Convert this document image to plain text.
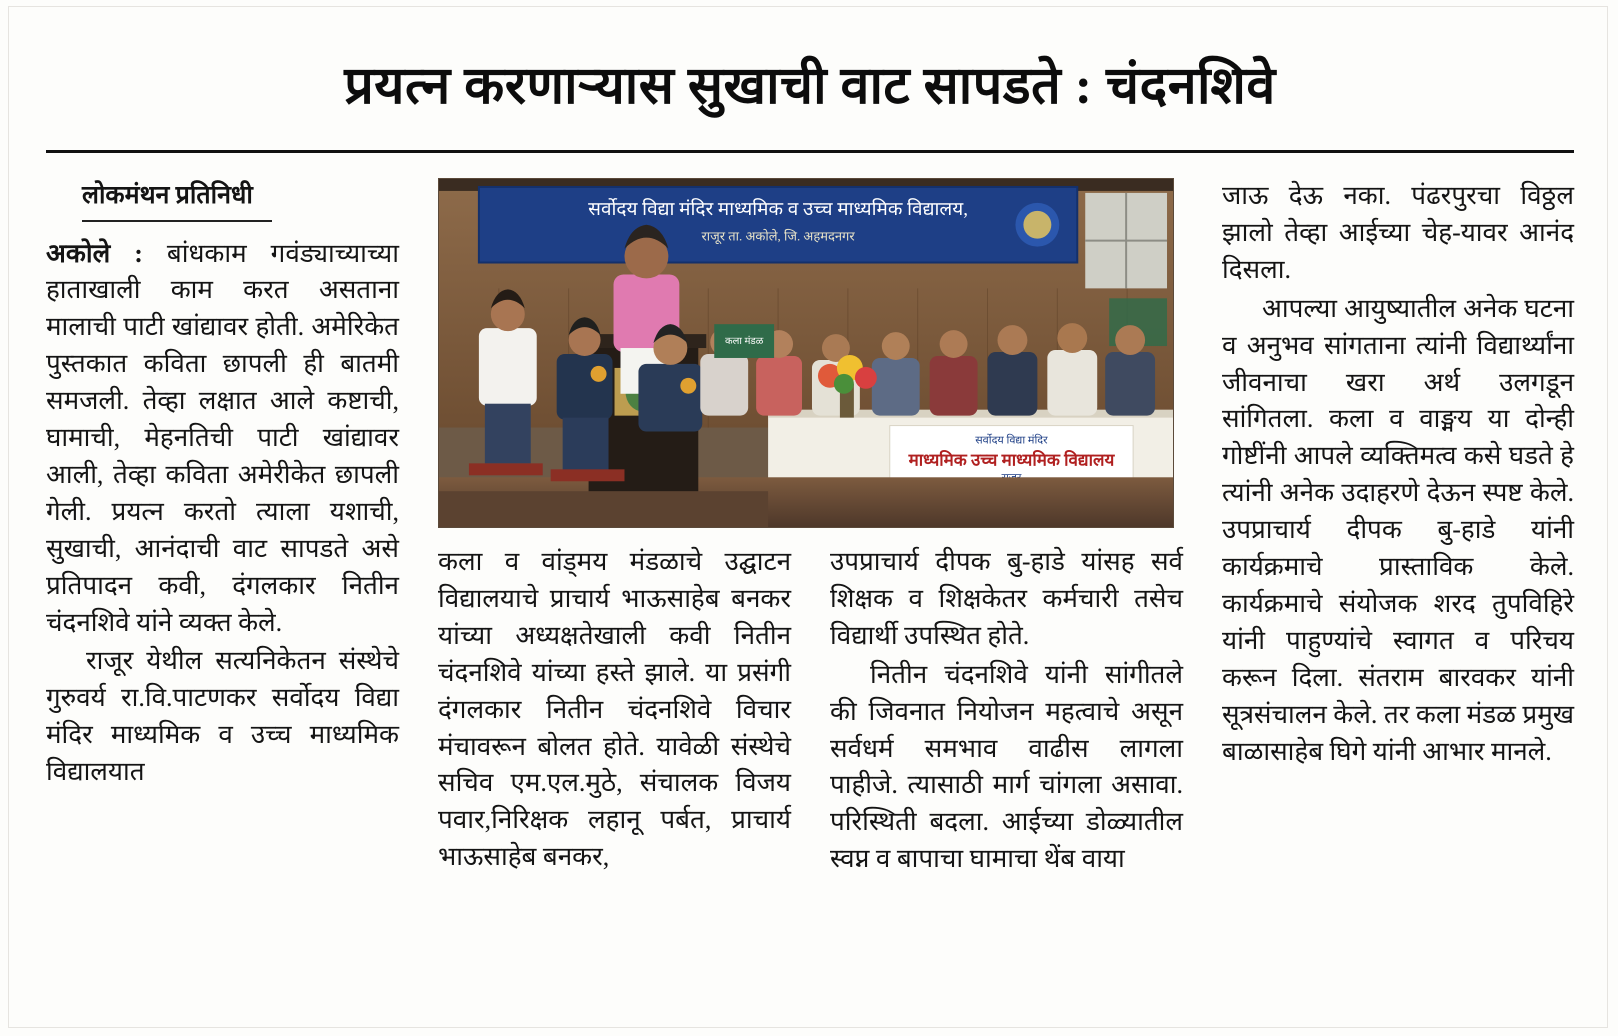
प्रयत्न करणाऱ्यास सुखाची वाट सापडते : चंदनशिवे
लोकमंथन प्रतिनिधी

अकोले : बांधकाम गवंड्याच्याच्या हाताखाली काम करत असताना मालाची पाटी खांद्यावर होती. अमेरिकेत पुस्तकात कविता छापली ही बातमी समजली. तेव्हा लक्षात आले कष्टाची, घामाची, मेहनतिची पाटी खांद्यावर आली, तेव्हा कविता अमेरीकेत छापली गेली. प्रयत्न करतो त्याला यशाची, सुखाची, आनंदाची वाट सापडते असे प्रतिपादन कवी, दंगलकार नितीन चंदनशिवे यांने व्यक्त केले.

राजूर येथील सत्यनिकेतन संस्थेचे गुरुवर्य रा.वि.पाटणकर सर्वोदय विद्या मंदिर माध्यमिक व उच्च माध्यमिक विद्यालयात

जाऊ देऊ नका. पंढरपुरचा विठ्ठल झालो तेव्हा आईच्या चेह-यावर आनंद दिसला.

आपल्या आयुष्यातील अनेक घटना व अनुभव सांगताना त्यांनी विद्यार्थ्यांना जीवनाचा खरा अर्थ उलगडून सांगितला. कला व वाङ्मय या दोन्ही गोष्टींनी आपले व्यक्तिमत्व कसे घडते हे त्यांनी अनेक उदाहरणे देऊन स्पष्ट केले. उपप्राचार्य दीपक बु-हाडे यांनी कार्यक्रमाचे प्रास्ताविक केले. कार्यक्रमाचे संयोजक शरद तुपविहिरे यांनी पाहुण्यांचे स्वागत व परिचय करून दिला. संतराम बारवकर यांनी सूत्रसंचालन केले. तर कला मंडळ प्रमुख बाळासाहेब घिगे यांनी आभार मानले.

सर्वोदय विद्या मंदिर माध्यमिक व उच्च माध्यमिक विद्यालय,
राजूर ता. अकोले, जि. अहमदनगर
सर्वोदय विद्या मंदिर
माध्यमिक उच्च माध्यमिक विद्यालय
कला मंडळ

कला व वांड्मय मंडळाचे उद्घाटन विद्यालयाचे प्राचार्य भाऊसाहेब बनकर यांच्या अध्यक्षतेखाली कवी नितीन चंदनशिवे यांच्या हस्ते झाले. या प्रसंगी दंगलकार नितीन चंदनशिवे विचार मंचावरून बोलत होते. यावेळी संस्थेचे सचिव एम.एल.मुठे, संचालक विजय पवार,निरिक्षक लहानू पर्बत, प्राचार्य भाऊसाहेब बनकर,

उपप्राचार्य दीपक बु-हाडे यांसह सर्व शिक्षक व शिक्षकेतर कर्मचारी तसेच विद्यार्थी उपस्थित होते.

नितीन चंदनशिवे यांनी सांगीतले की जिवनात नियोजन महत्वाचे असून सर्वधर्म समभाव वाढीस लागला पाहीजे. त्यासाठी मार्ग चांगला असावा. परिस्थिती बदला. आईच्या डोळ्यातील स्वप्न व बापाचा घामाचा थेंब वाया
